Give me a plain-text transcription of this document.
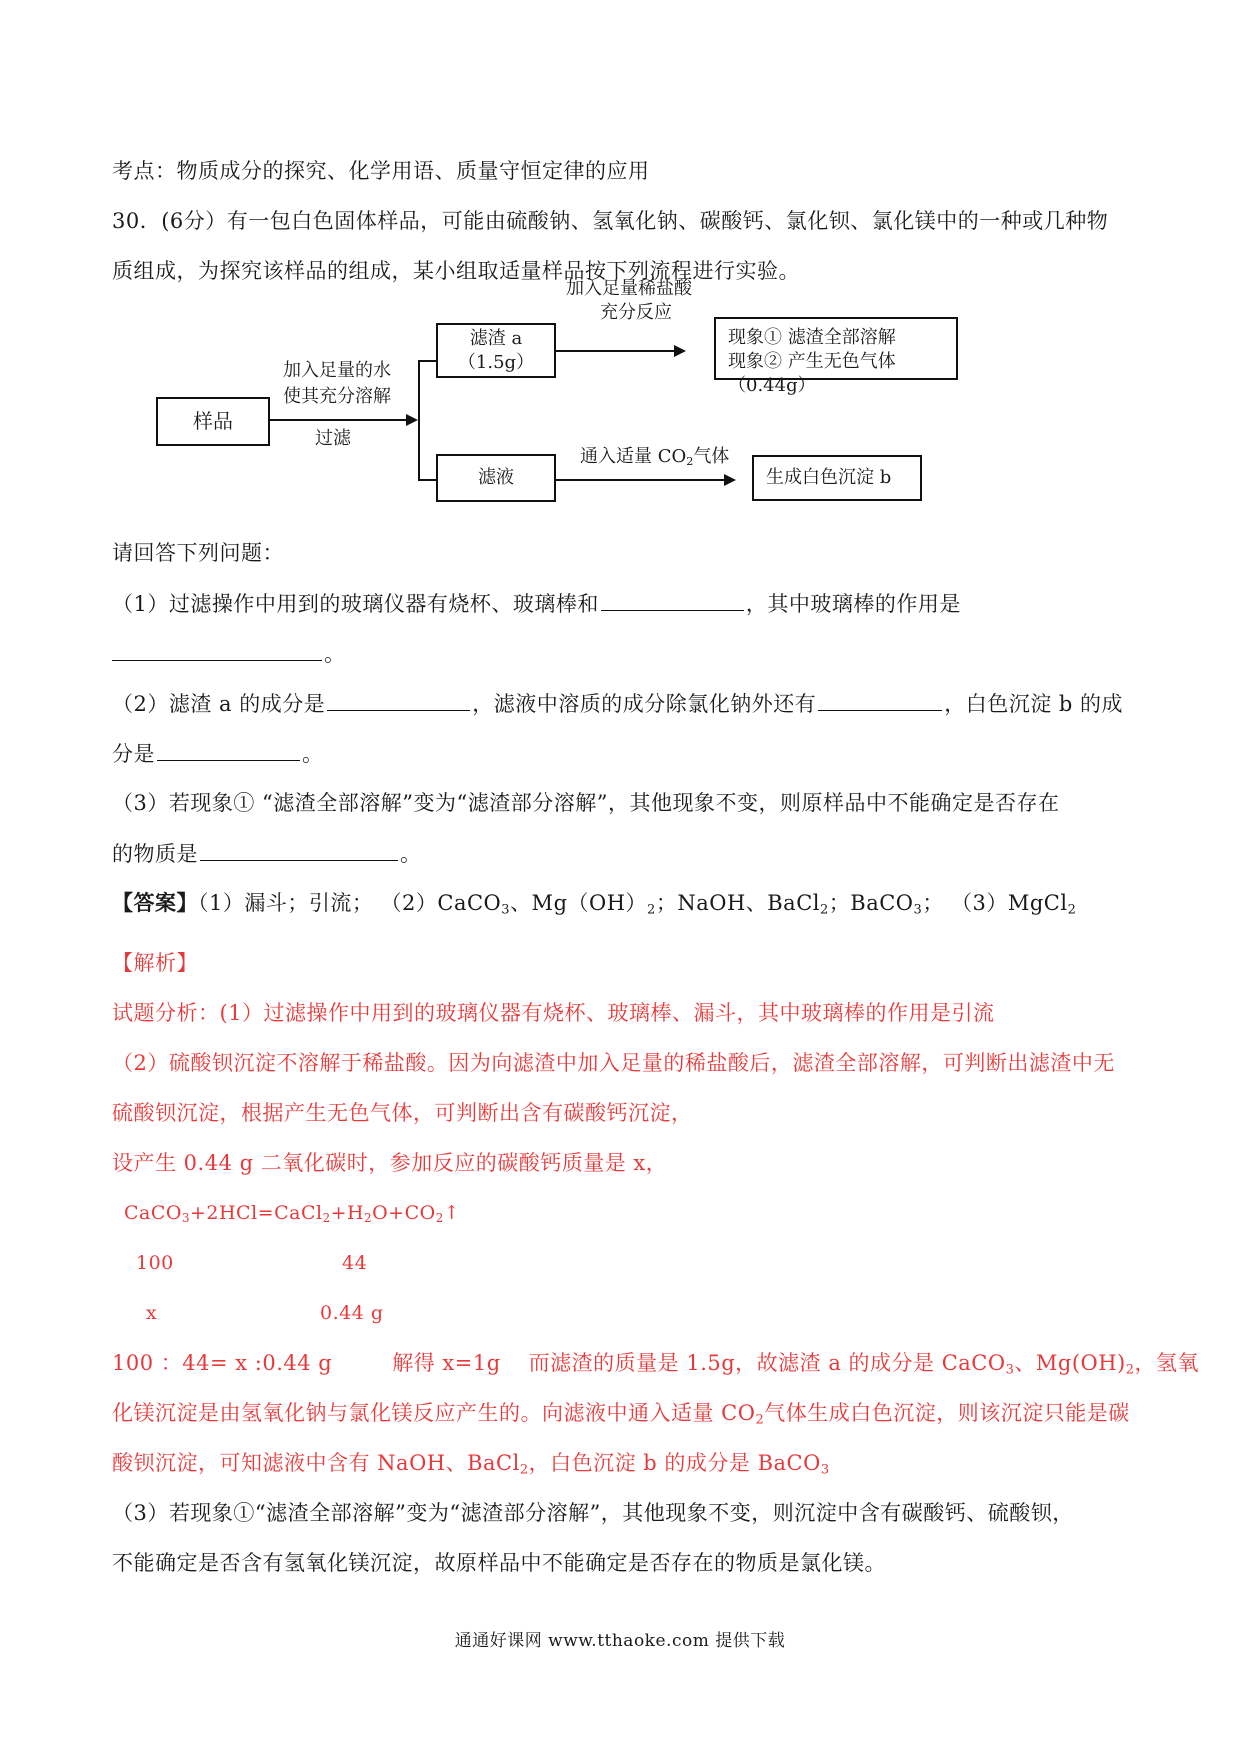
考点：物质成分的探究、化学用语、质量守恒定律的应用
30．(6分）有一包白色固体样品，可能由硫酸钠、氢氧化钠、碳酸钙、氯化钡、氯化镁中的一种或几种物
质组成，为探究该样品的组成，某小组取适量样品按下列流程进行实验。
样品
加入足量的水
使其充分溶解
过滤
滤渣 a
（1.5g）
加入足量稀盐酸
充分反应
现象① 滤渣全部溶解
现象② 产生无色气体（0.44g）
滤液
通入适量 $CO_2$气体
生成白色沉淀 b
请回答下列问题：
（1）过滤操作中用到的玻璃仪器有烧杯、玻璃棒和	，其中玻璃棒的作用是
。
（2）滤渣 a 的成分是	，滤液中溶质的成分除氯化钠外还有	，白色沉淀 b 的成
分是	。
（3）若现象① “滤渣全部溶解”变为“滤渣部分溶解”，其他现象不变，则原样品中不能确定是否存在
的物质是	。
【答案】（1）漏斗；引流； （2）CaCO$_3$、$Mg(OH)_2$；NaOH、BaCl$_2$；BaCO$_3$； （3）MgCl$_2$
【解析】
试题分析：(1）过滤操作中用到的玻璃仪器有烧杯、玻璃棒、漏斗，其中玻璃棒的作用是引流
（2）硫酸钡沉淀不溶解于稀盐酸。因为向滤渣中加入足量的稀盐酸后，滤渣全部溶解，可判断出滤渣中无
硫酸钡沉淀，根据产生无色气体，可判断出含有碳酸钙沉淀，
设产生 0.44 g 二氧化碳时，参加反应的碳酸钙质量是 x，
$CaCO_3+2HCl=CaCl_2+H_2O+CO_2↑$
100	44
x	0.44 g
100 ：44= x :0.44 g	解得 x=1g 而滤渣的质量是 1.5g，故滤渣 a 的成分是 CaCO$_3$、$Mg(OH)_2$，氢氧
化镁沉淀是由氢氧化钠与氯化镁反应产生的。向滤液中通入适量 $CO_2$气体生成白色沉淀，则该沉淀只能是碳
酸钡沉淀，可知滤液中含有 NaOH、BaCl$_2$，白色沉淀 b 的成分是 BaCO$_3$
（3）若现象①“滤渣全部溶解”变为“滤渣部分溶解”，其他现象不变，则沉淀中含有碳酸钙、硫酸钡，
不能确定是否含有氢氧化镁沉淀，故原样品中不能确定是否存在的物质是氯化镁。
通通好课网 www.tthaoke.com 提供下载
